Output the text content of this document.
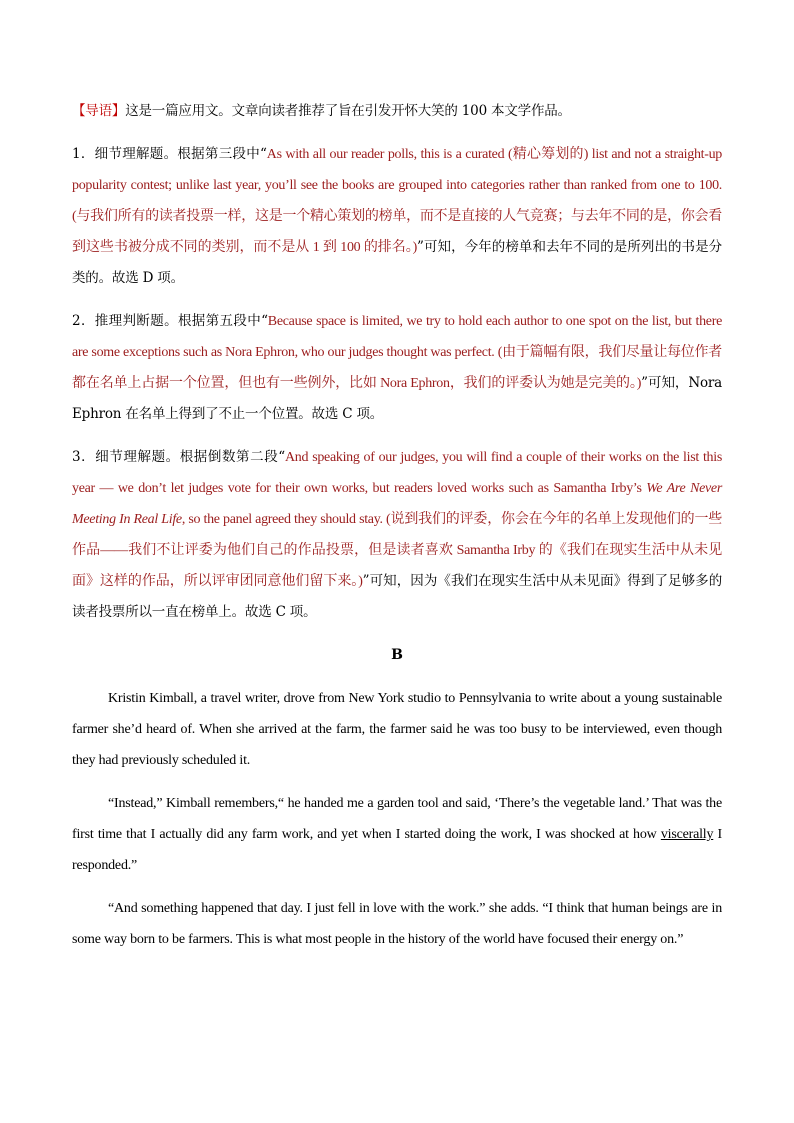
【导语】这是一篇应用文。文章向读者推荐了旨在引发开怀大笑的 100 本文学作品。

1．细节理解题。根据第三段中“As with all our reader polls, this is a curated (精心筹划的) list and not a straight-up popularity contest; unlike last year, you’ll see the books are grouped into categories rather than ranked from one to 100. (与我们所有的读者投票一样，这是一个精心策划的榜单，而不是直接的人气竞赛；与去年不同的是，你会看到这些书被分成不同的类别，而不是从 1 到 100 的排名。)”可知，今年的榜单和去年不同的是所列出的书是分类的。故选 D 项。

2．推理判断题。根据第五段中“Because space is limited, we try to hold each author to one spot on the list, but there are some exceptions such as Nora Ephron, who our judges thought was perfect. (由于篇幅有限，我们尽量让每位作者都在名单上占据一个位置，但也有一些例外，比如 Nora Ephron，我们的评委认为她是完美的。)”可知，Nora Ephron 在名单上得到了不止一个位置。故选 C 项。

3．细节理解题。根据倒数第二段“And speaking of our judges, you will find a couple of their works on the list this year — we don’t let judges vote for their own works, but readers loved works such as Samantha Irby’s We Are Never Meeting In Real Life, so the panel agreed they should stay. (说到我们的评委，你会在今年的名单上发现他们的一些作品——我们不让评委为他们自己的作品投票，但是读者喜欢 Samantha Irby 的《我们在现实生活中从未见面》这样的作品，所以评审团同意他们留下来。)”可知，因为《我们在现实生活中从未见面》得到了足够多的读者投票所以一直在榜单上。故选 C 项。

B

Kristin Kimball, a travel writer, drove from New York studio to Pennsylvania to write about a young sustainable farmer she’d heard of. When she arrived at the farm, the farmer said he was too busy to be interviewed, even though they had previously scheduled it.

“Instead,” Kimball remembers,“ he handed me a garden tool and said, ‘There’s the vegetable land.’ That was the first time that I actually did any farm work, and yet when I started doing the work, I was shocked at how viscerally I responded.”

“And something happened that day. I just fell in love with the work.” she adds. “I think that human beings are in some way born to be farmers. This is what most people in the history of the world have focused their energy on.”
